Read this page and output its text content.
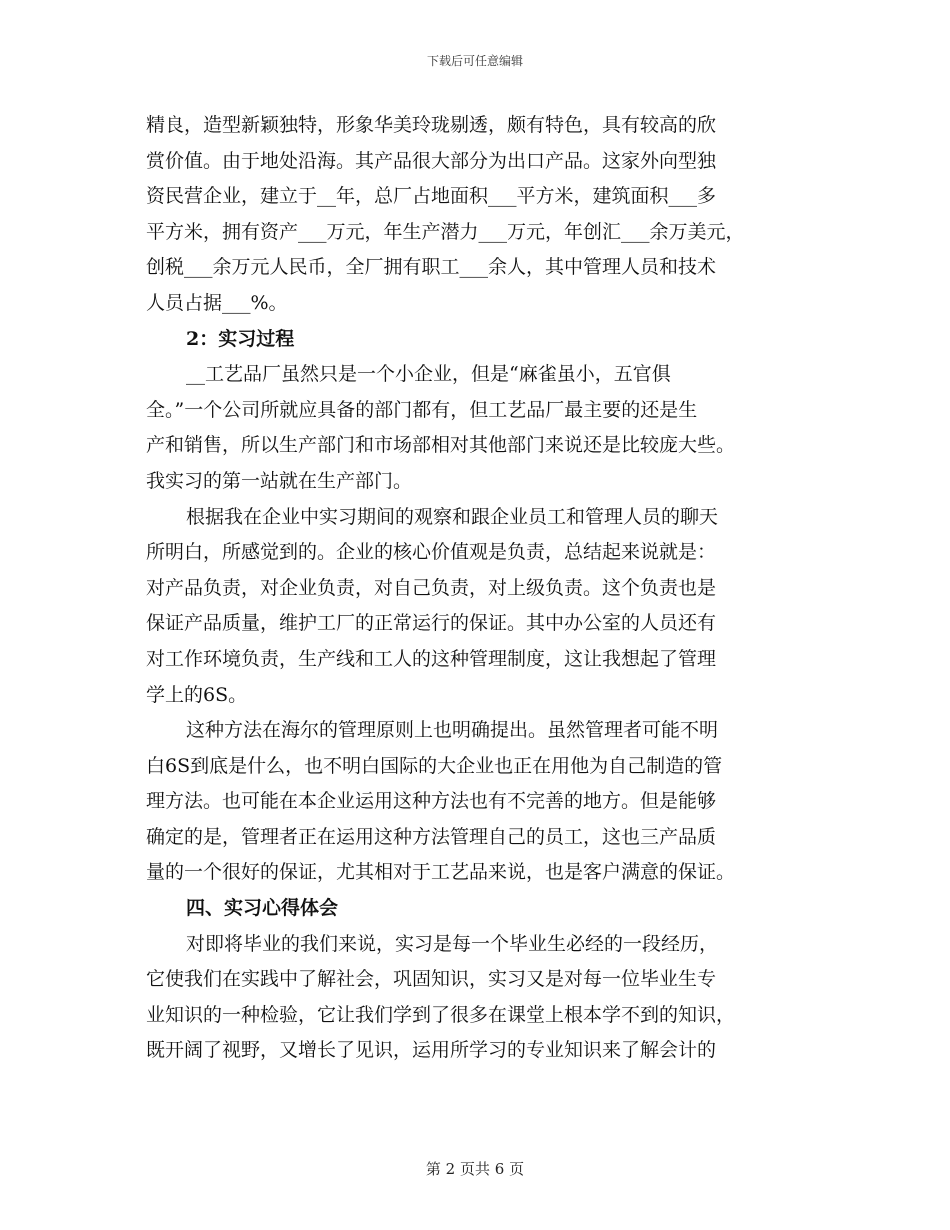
下载后可任意编辑
精良，造型新颖独特，形象华美玲珑剔透，颇有特色，具有较高的欣
赏价值。由于地处沿海。其产品很大部分为出口产品。这家外向型独
资民营企业，建立于__年，总厂占地面积___平方米，建筑面积___多
平方米，拥有资产___万元，年生产潜力___万元，年创汇___余万美元，
创税___余万元人民币，全厂拥有职工___余人，其中管理人员和技术
人员占据___%。
2：实习过程
__工艺品厂虽然只是一个小企业，但是“麻雀虽小，五官俱
全。”一个公司所就应具备的部门都有，但工艺品厂最主要的还是生
产和销售，所以生产部门和市场部相对其他部门来说还是比较庞大些。
我实习的第一站就在生产部门。
根据我在企业中实习期间的观察和跟企业员工和管理人员的聊天
所明白，所感觉到的。企业的核心价值观是负责，总结起来说就是：
对产品负责，对企业负责，对自己负责，对上级负责。这个负责也是
保证产品质量，维护工厂的正常运行的保证。其中办公室的人员还有
对工作环境负责，生产线和工人的这种管理制度，这让我想起了管理
学上的6S。
这种方法在海尔的管理原则上也明确提出。虽然管理者可能不明
白6S到底是什么，也不明白国际的大企业也正在用他为自己制造的管
理方法。也可能在本企业运用这种方法也有不完善的地方。但是能够
确定的是，管理者正在运用这种方法管理自己的员工，这也三产品质
量的一个很好的保证，尤其相对于工艺品来说，也是客户满意的保证。
四、实习心得体会
对即将毕业的我们来说，实习是每一个毕业生必经的一段经历，
它使我们在实践中了解社会，巩固知识，实习又是对每一位毕业生专
业知识的一种检验，它让我们学到了很多在课堂上根本学不到的知识，
既开阔了视野，又增长了见识，运用所学习的专业知识来了解会计的
第 2 页共 6 页
